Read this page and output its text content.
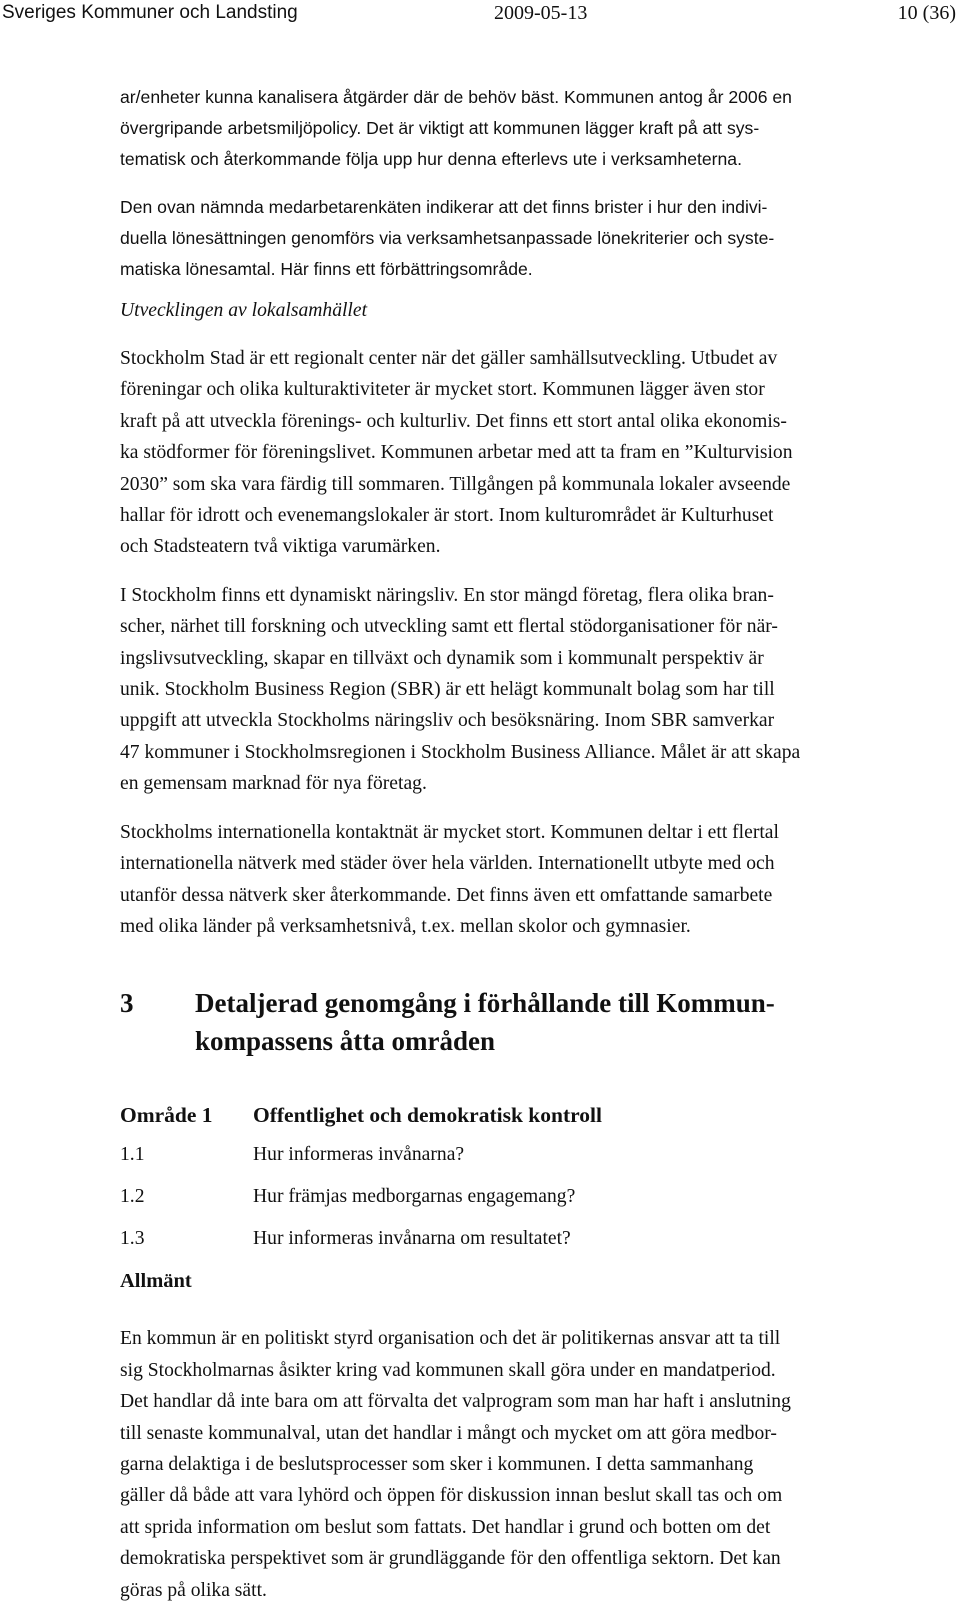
Sveriges Kommuner och Landsting	2009-05-13	10 (36)

ar/enheter kunna kanalisera åtgärder där de behöv bäst. Kommunen antog år 2006 en
övergripande arbetsmiljöpolicy. Det är viktigt att kommunen lägger kraft på att sys-
tematisk och återkommande följa upp hur denna efterlevs ute i verksamheterna.

Den ovan nämnda medarbetarenkäten indikerar att det finns brister i hur den indivi-
duella lönesättningen genomförs via verksamhetsanpassade lönekriterier och syste-
matiska lönesamtal. Här finns ett förbättringsområde.

Utvecklingen av lokalsamhället

Stockholm Stad är ett regionalt center när det gäller samhällsutveckling. Utbudet av
föreningar och olika kulturaktiviteter är mycket stort. Kommunen lägger även stor
kraft på att utveckla förenings- och kulturliv. Det finns ett stort antal olika ekonomis-
ka stödformer för föreningslivet. Kommunen arbetar med att ta fram en ”Kulturvision
2030” som ska vara färdig till sommaren. Tillgången på kommunala lokaler avseende
hallar för idrott och evenemangslokaler är stort. Inom kulturområdet är Kulturhuset
och Stadsteatern två viktiga varumärken.

I Stockholm finns ett dynamiskt näringsliv. En stor mängd företag, flera olika bran-
scher, närhet till forskning och utveckling samt ett flertal stödorganisationer för när-
ingslivsutveckling, skapar en tillväxt och dynamik som i kommunalt perspektiv är
unik. Stockholm Business Region (SBR) är ett helägt kommunalt bolag som har till
uppgift att utveckla Stockholms näringsliv och besöksnäring. Inom SBR samverkar
47 kommuner i Stockholmsregionen i Stockholm Business Alliance. Målet är att skapa
en gemensam marknad för nya företag.

Stockholms internationella kontaktnät är mycket stort. Kommunen deltar i ett flertal
internationella nätverk med städer över hela världen. Internationellt utbyte med och
utanför dessa nätverk sker återkommande. Det finns även ett omfattande samarbete
med olika länder på verksamhetsnivå, t.ex. mellan skolor och gymnasier.

3	Detaljerad genomgång i förhållande till Kommun-
kompassens åtta områden
Område 1	Offentlighet och demokratisk kontroll
1.1	Hur informeras invånarna?
1.2	Hur främjas medborgarnas engagemang?
1.3	Hur informeras invånarna om resultatet?

Allmänt

En kommun är en politiskt styrd organisation och det är politikernas ansvar att ta till
sig Stockholmarnas åsikter kring vad kommunen skall göra under en mandatperiod.
Det handlar då inte bara om att förvalta det valprogram som man har haft i anslutning
till senaste kommunalval, utan det handlar i mångt och mycket om att göra medbor-
garna delaktiga i de beslutsprocesser som sker i kommunen. I detta sammanhang
gäller då både att vara lyhörd och öppen för diskussion innan beslut skall tas och om
att sprida information om beslut som fattats. Det handlar i grund och botten om det
demokratiska perspektivet som är grundläggande för den offentliga sektorn. Det kan
göras på olika sätt.
